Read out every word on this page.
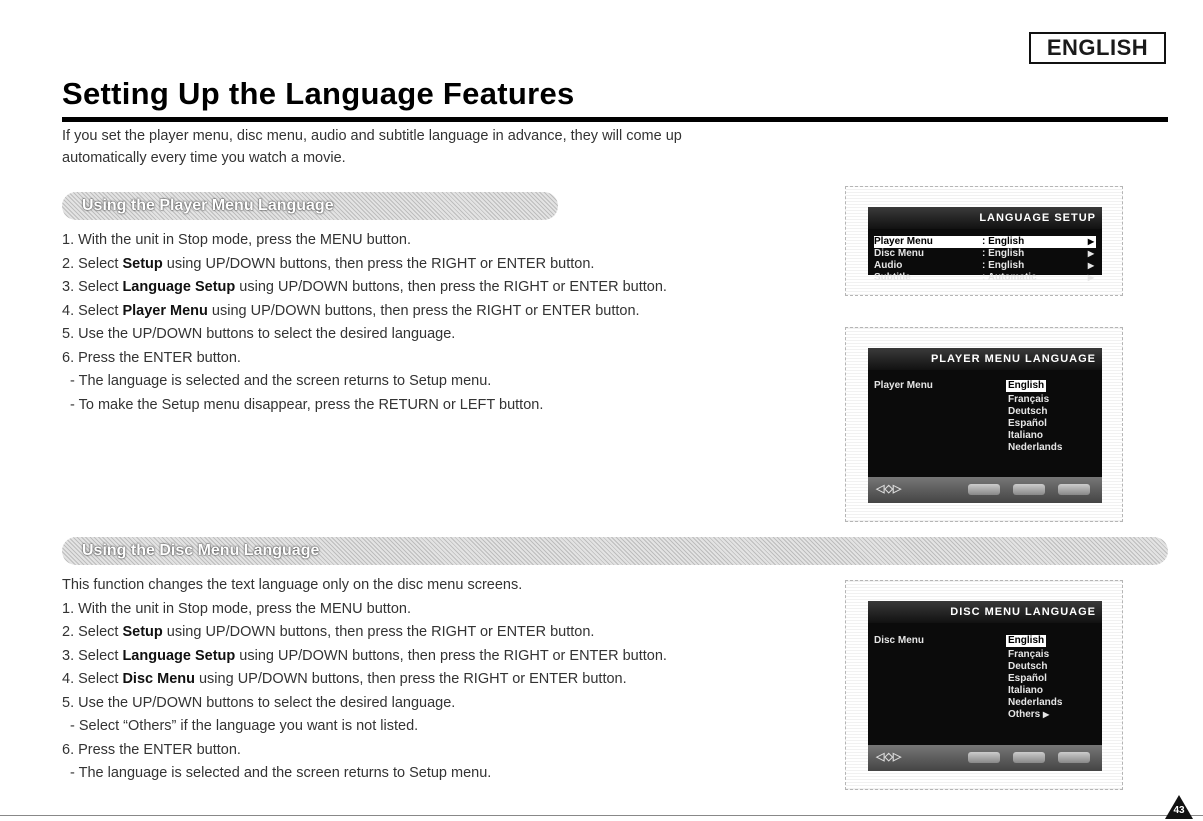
ENGLISH
Setting Up the Language Features

If you set the player menu, disc menu, audio and subtitle language in advance, they will come up
automatically every time you watch a movie.

Using the Player Menu Language
1. With the unit in Stop mode, press the MENU button.
2. Select Setup using UP/DOWN buttons, then press the RIGHT or ENTER button.
3. Select Language Setup using UP/DOWN buttons, then press the RIGHT or ENTER button.
4. Select Player Menu using UP/DOWN buttons, then press the RIGHT or ENTER button.
5. Use the UP/DOWN buttons to select the desired language.
6. Press the ENTER button.
- The language is selected and the screen returns to Setup menu.
- To make the Setup menu disappear, press the RETURN or LEFT button.
Using the Disc Menu Language
This function changes the text language only on the disc menu screens.
1. With the unit in Stop mode, press the MENU button.
2. Select Setup using UP/DOWN buttons, then press the RIGHT or ENTER button.
3. Select Language Setup using UP/DOWN buttons, then press the RIGHT or ENTER button.
4. Select Disc Menu using UP/DOWN buttons, then press the RIGHT or ENTER button.
5. Use the UP/DOWN buttons to select the desired language.
- Select “Others” if the language you want is not listed.
6. Press the ENTER button.
- The language is selected and the screen returns to Setup menu.
LANGUAGE SETUP
Player Menu	: English	▶
Disc Menu	: English	▶
Audio	: English	▶
Subtitle	: Automatic	▶
PLAYER MENU LANGUAGE
Player Menu	English
Français
Deutsch
Español
Italiano
Nederlands
◁◇▷
DISC MENU LANGUAGE
Disc Menu	English
Français
Deutsch
Español
Italiano
Nederlands
Others ▶
◁◇▷
43
